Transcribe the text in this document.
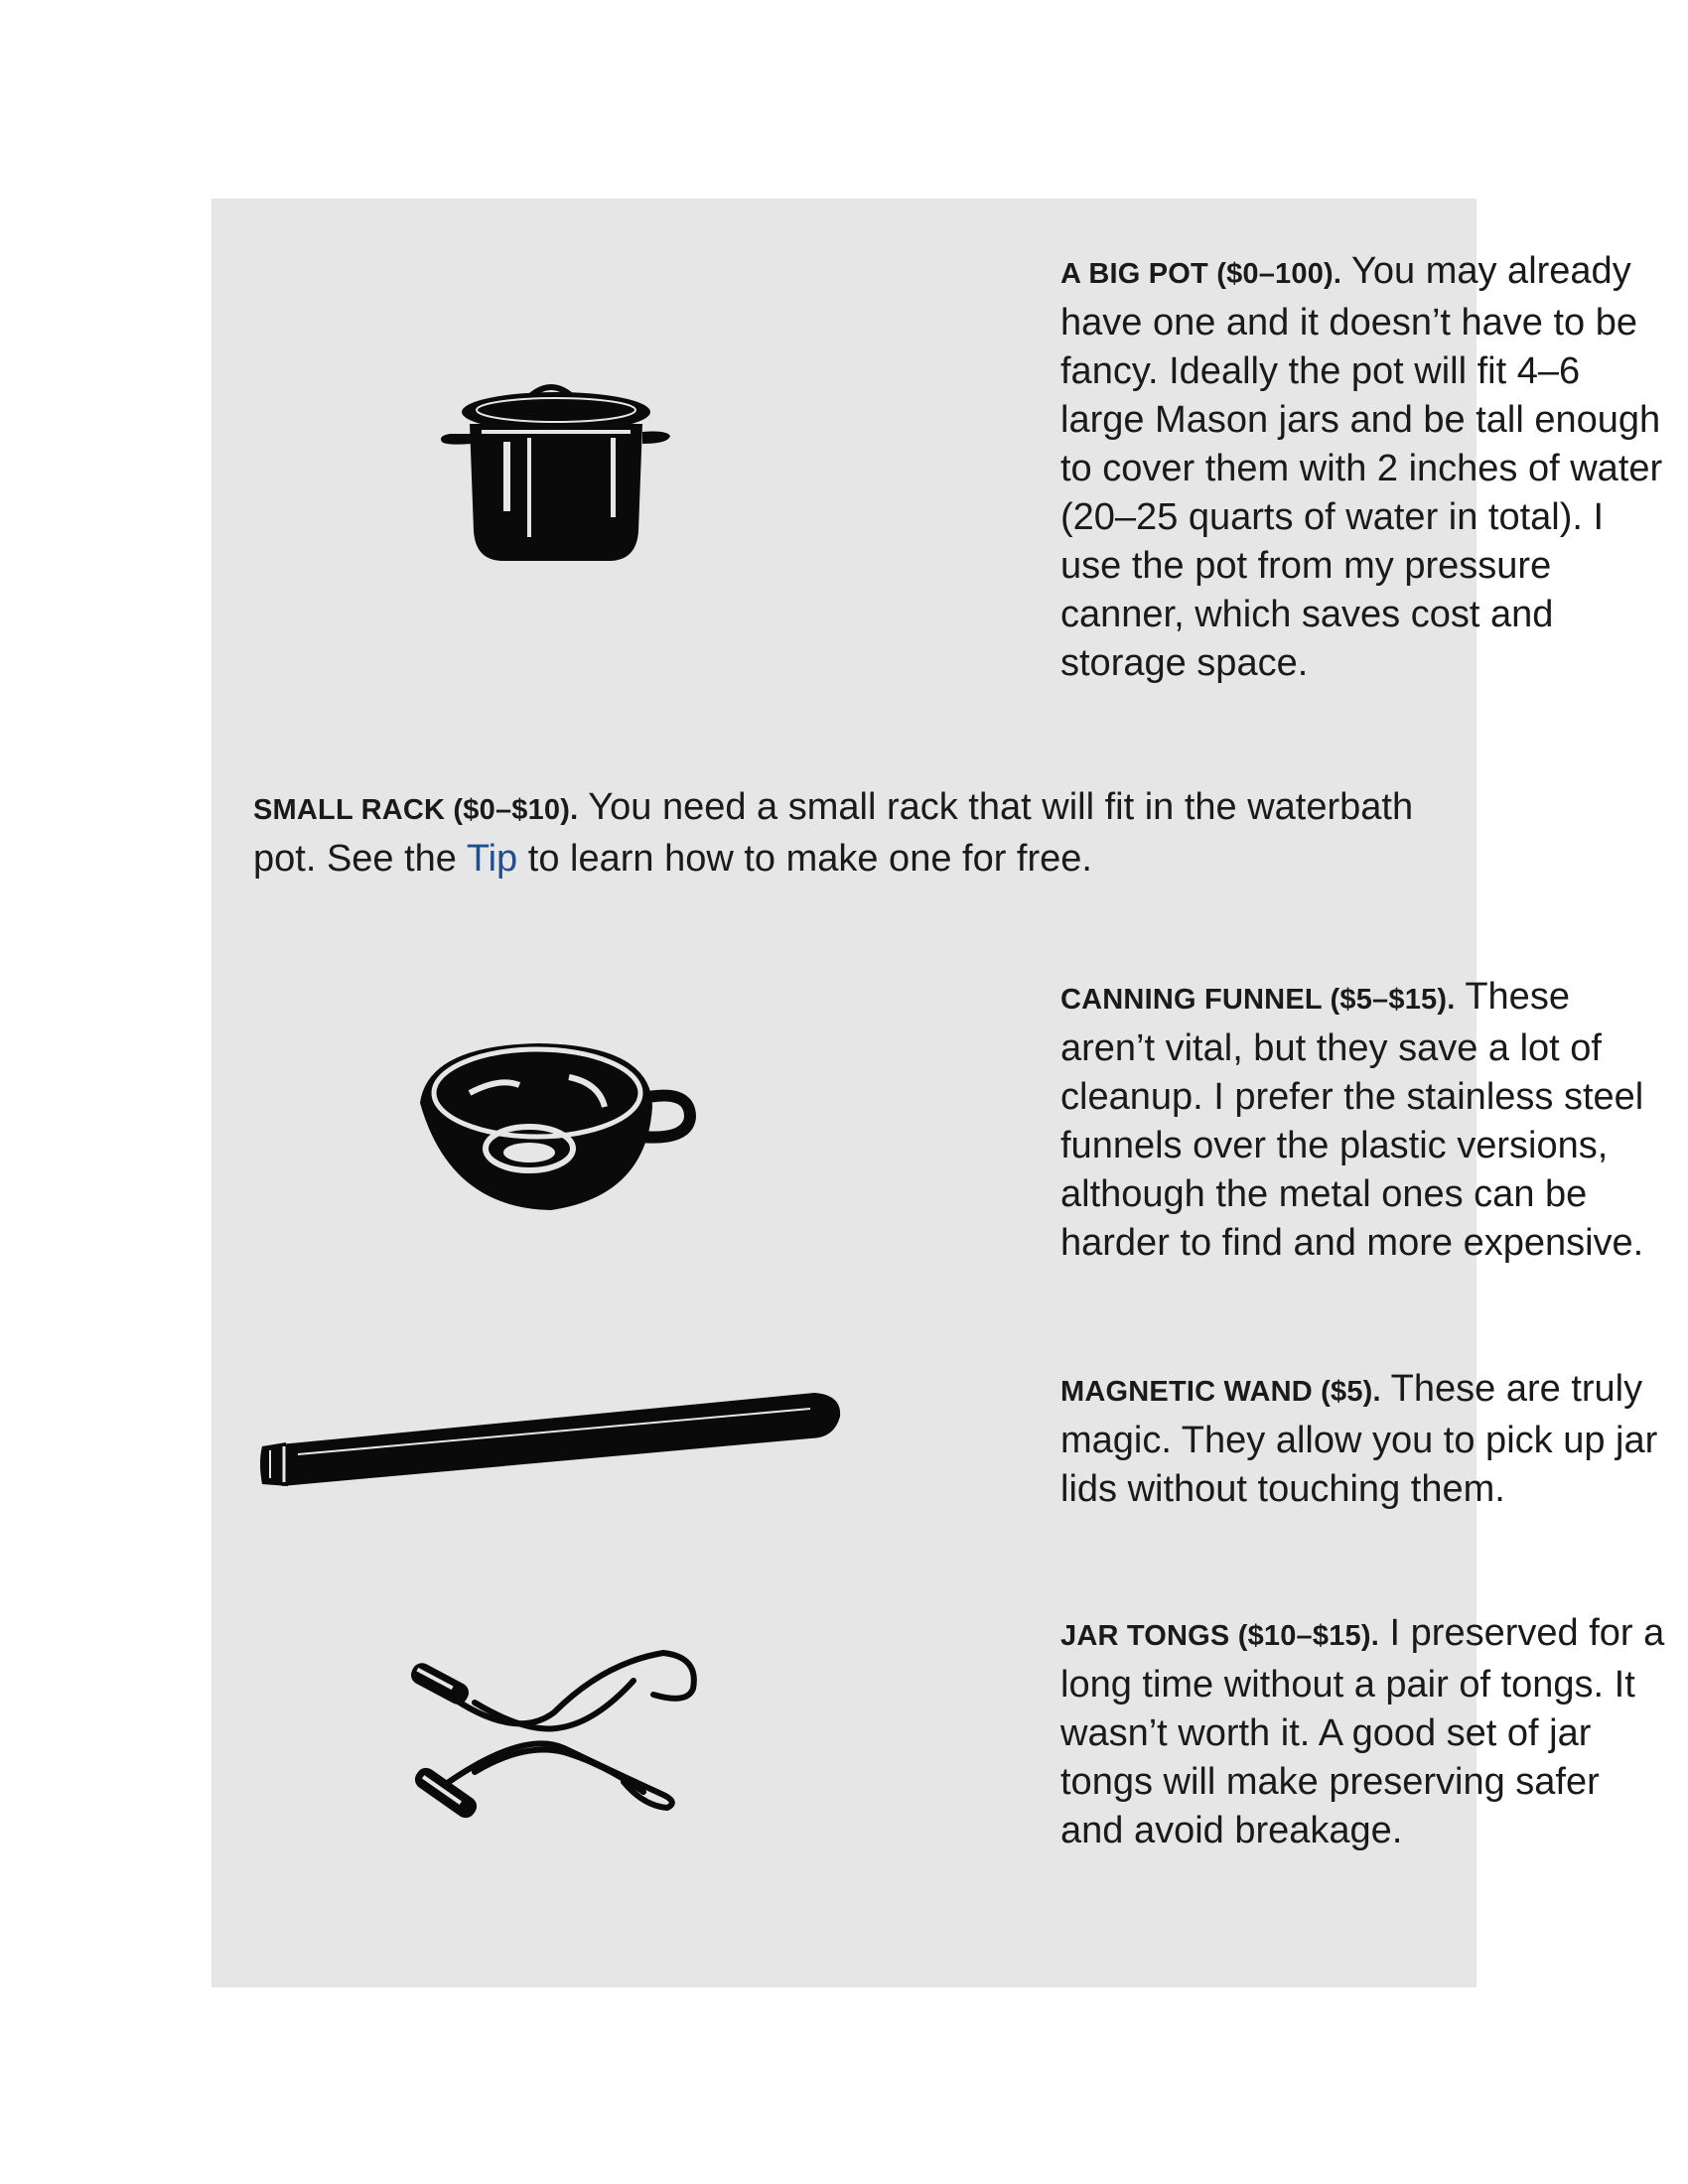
A BIG POT ($0–100). You may already have one and it doesn’t have to be fancy. Ideally the pot will fit 4–6 large Mason jars and be tall enough to cover them with 2 inches of water (20–25 quarts of water in total). I use the pot from my pressure canner, which saves cost and storage space.
SMALL RACK ($0–$10). You need a small rack that will fit in the waterbath pot. See the Tip to learn how to make one for free.
CANNING FUNNEL ($5–$15). These aren’t vital, but they save a lot of cleanup. I prefer the stainless steel funnels over the plastic versions, although the metal ones can be harder to find and more expensive.
MAGNETIC WAND ($5). These are truly magic. They allow you to pick up jar lids without touching them.
JAR TONGS ($10–$15). I preserved for a long time without a pair of tongs. It wasn’t worth it. A good set of jar tongs will make preserving safer and avoid breakage.
